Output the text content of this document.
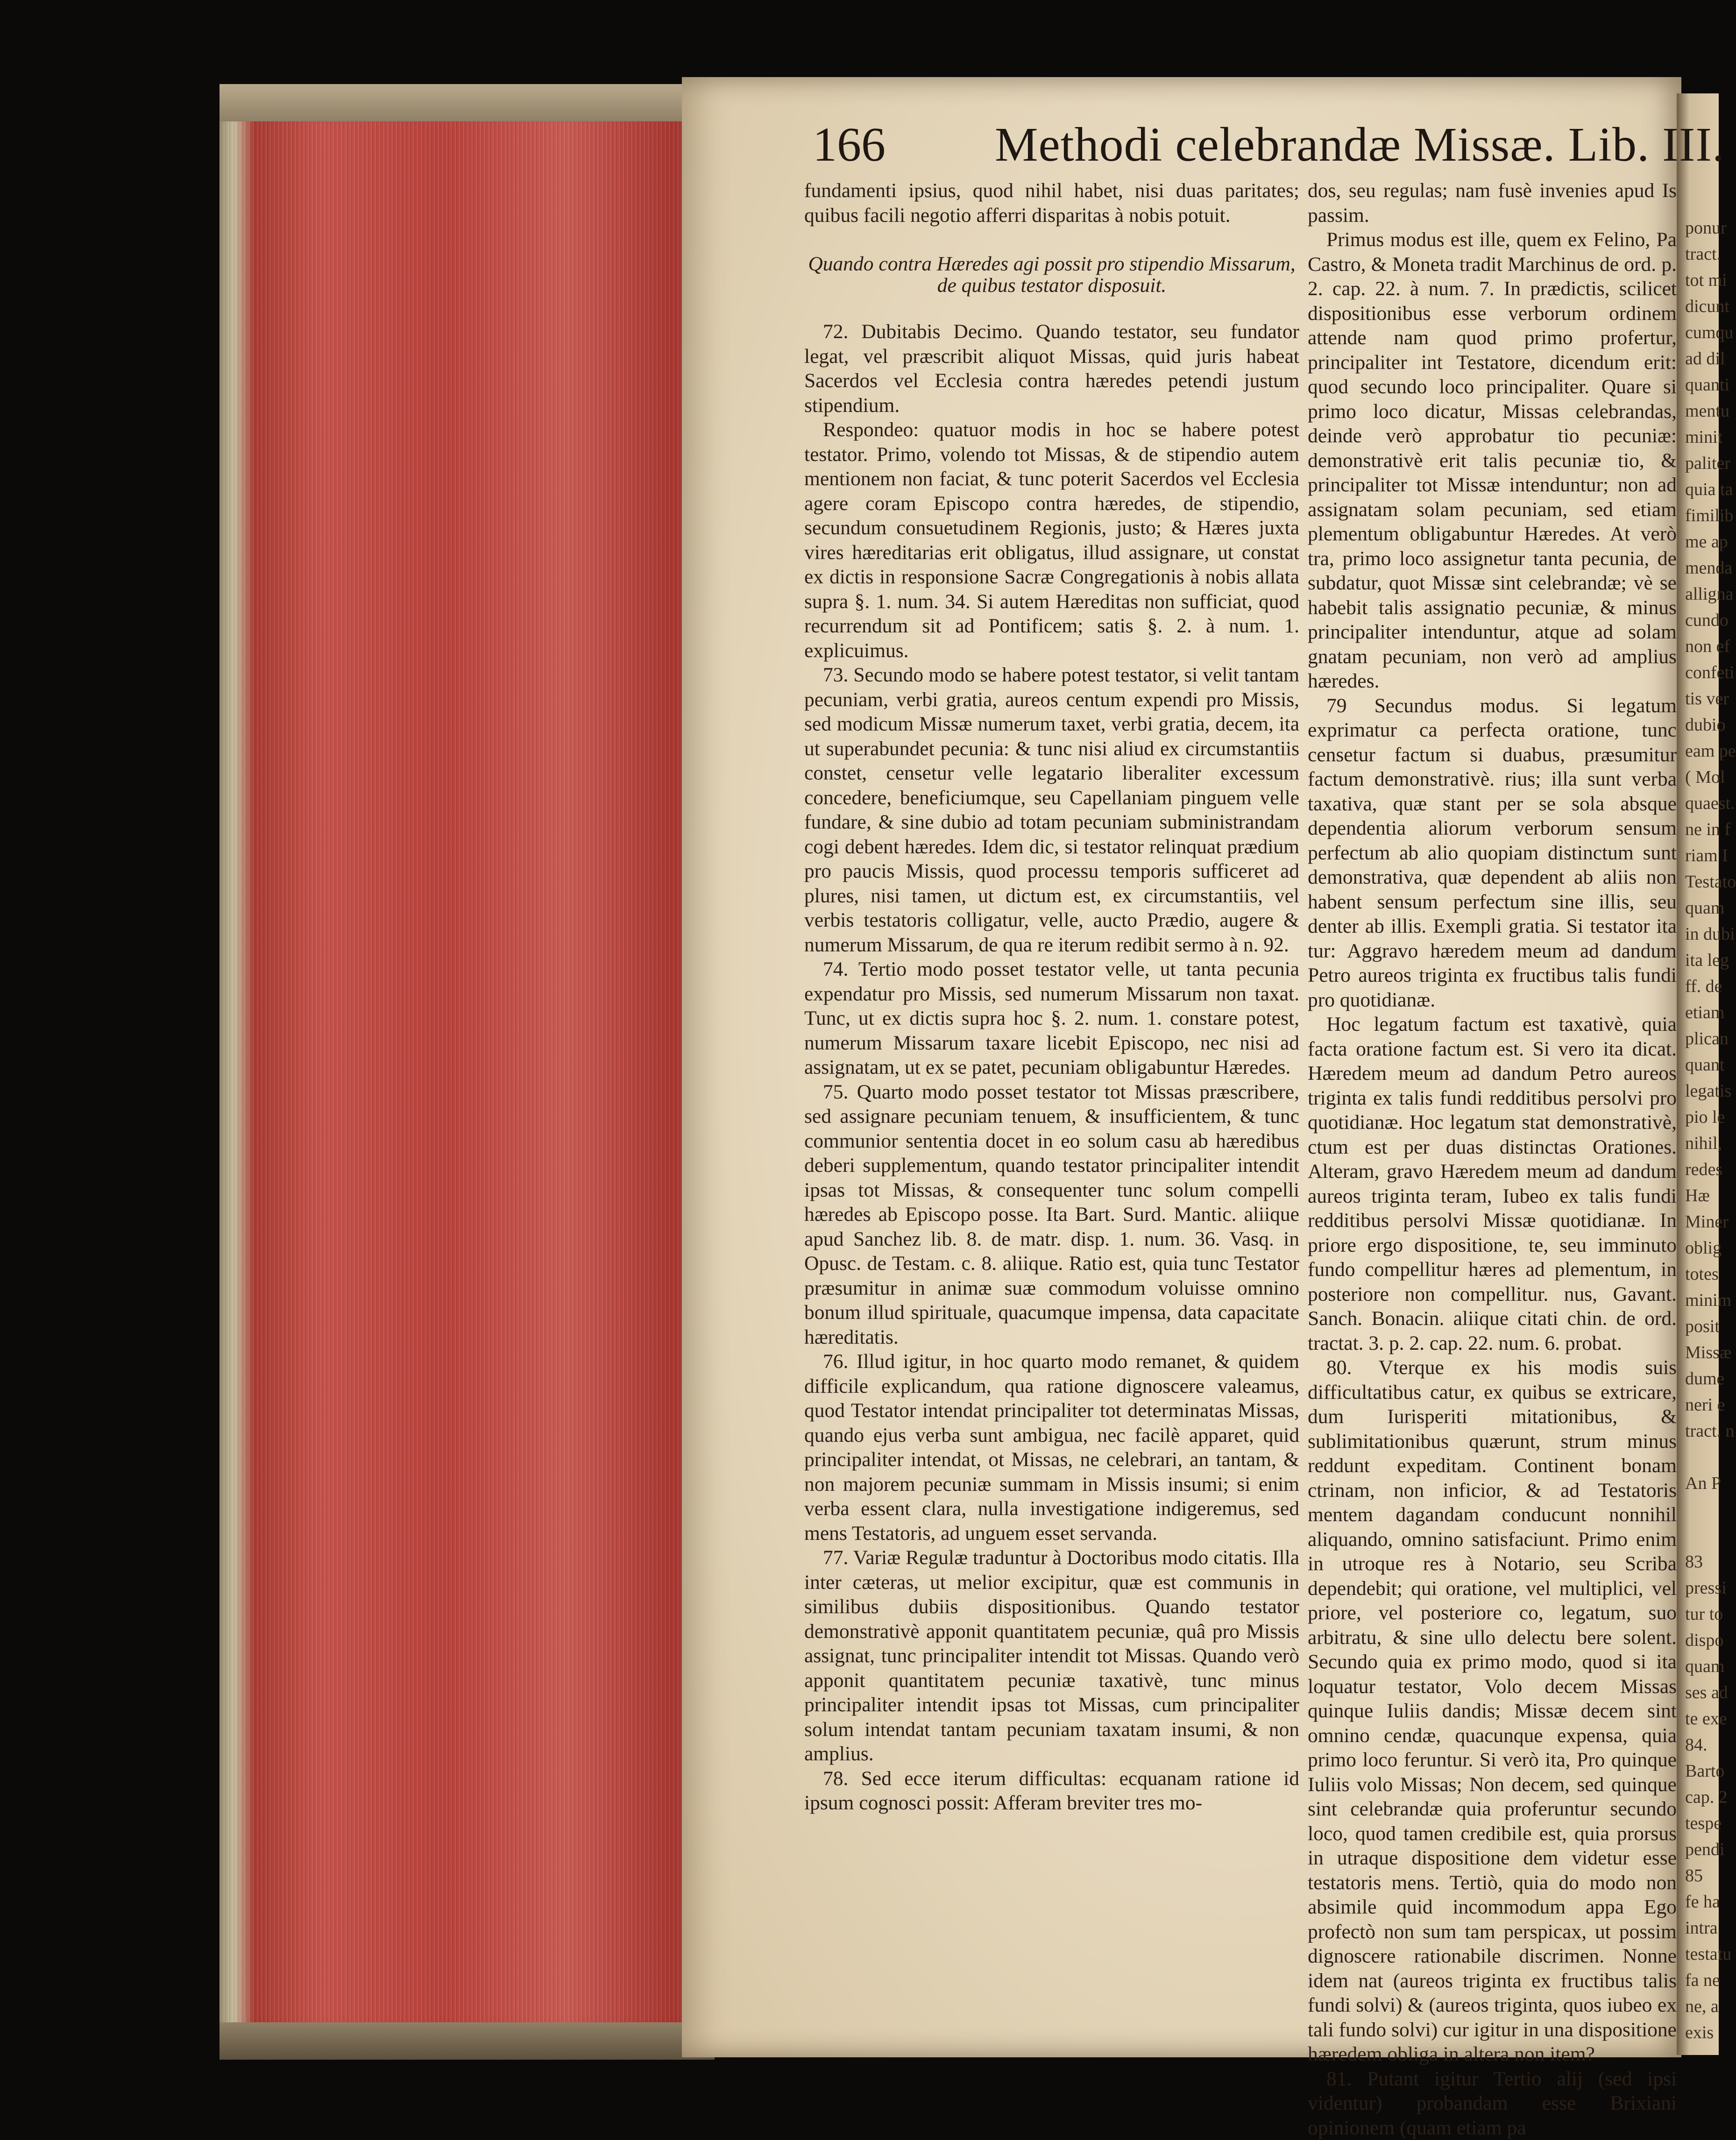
ponur
tract.
tot mi
dicunt
cumqu
ad dil
quanti
mentu
minit
paliter
quia ta
fimilib
me ap
menda
alligna
cundo
non ef
confeti
tis ver
dubio
eam pe
( Mol
quaest.
ne in f
riam I
Testato
quam
in dubi
ita leg
ff. de
etiam
plican
quant
legatis
pio le
nihil,
redes
Hæ
Miner
oblig
totes
minim
posit
Missæ
dume
neri e
tract. n

An P

83
pressi
tur to
dispo
quam
ses ad
te exe
84.
Barto
cap. 2
tespe
pendi
85
fe ha
intra
testatu
fa ne
ne, a
exis
166 Methodi celebrandæ Missæ. Lib. III.

fundamenti ipsius, quod nihil habet, nisi duas paritates; quibus facili negotio afferri disparitas à nobis potuit.

Quando contra Hæredes agi possit pro stipendio Missarum, de quibus testator disposuit.

72. Dubitabis Decimo. Quando testator, seu fundator legat, vel præscribit aliquot Missas, quid juris habeat Sacerdos vel Ecclesia contra hæredes petendi justum stipendium.

Respondeo: quatuor modis in hoc se habere potest testator. Primo, volendo tot Missas, & de stipendio autem mentionem non faciat, & tunc poterit Sacerdos vel Ecclesia agere coram Episcopo contra hæredes, de stipendio, secundum consuetudinem Regionis, justo; & Hæres juxta vires hæreditarias erit obligatus, illud assignare, ut constat ex dictis in responsione Sacræ Congregationis à nobis allata supra §. 1. num. 34. Si autem Hæreditas non sufficiat, quod recurrendum sit ad Pontificem; satis §. 2. à num. 1. explicuimus.

73. Secundo modo se habere potest testator, si velit tantam pecuniam, verbi gratia, aureos centum expendi pro Missis, sed modicum Missæ numerum taxet, verbi gratia, decem, ita ut superabundet pecunia: & tunc nisi aliud ex circumstantiis constet, censetur velle legatario liberaliter excessum concedere, beneficiumque, seu Capellaniam pinguem velle fundare, & sine dubio ad totam pecuniam subministrandam cogi debent hæredes. Idem dic, si testator relinquat prædium pro paucis Missis, quod processu temporis sufficeret ad plures, nisi tamen, ut dictum est, ex circumstantiis, vel verbis testatoris colligatur, velle, aucto Prædio, augere & numerum Missarum, de qua re iterum redibit sermo à n. 92.

74. Tertio modo posset testator velle, ut tanta pecunia expendatur pro Missis, sed numerum Missarum non taxat. Tunc, ut ex dictis supra hoc §. 2. num. 1. constare potest, numerum Missarum taxare licebit Episcopo, nec nisi ad assignatam, ut ex se patet, pecuniam obligabuntur Hæredes.

75. Quarto modo posset testator tot Missas præscribere, sed assignare pecuniam tenuem, & insufficientem, & tunc communior sententia docet in eo solum casu ab hæredibus deberi supplementum, quando testator principaliter intendit ipsas tot Missas, & consequenter tunc solum compelli hæredes ab Episcopo posse. Ita Bart. Surd. Mantic. aliique apud Sanchez lib. 8. de matr. disp. 1. num. 36. Vasq. in Opusc. de Testam. c. 8. aliique. Ratio est, quia tunc Testator præsumitur in animæ suæ commodum voluisse omnino bonum illud spirituale, quacumque impensa, data capacitate hæreditatis.

76. Illud igitur, in hoc quarto modo remanet, & quidem difficile explicandum, qua ratione dignoscere valeamus, quod Testator intendat principaliter tot determinatas Missas, quando ejus verba sunt ambigua, nec facilè apparet, quid principaliter intendat, ot Missas, ne celebrari, an tantam, & non majorem pecuniæ summam in Missis insumi; si enim verba essent clara, nulla investigatione indigeremus, sed mens Testatoris, ad unguem esset servanda.

77. Variæ Regulæ traduntur à Doctoribus modo citatis. Illa inter cæteras, ut melior excipitur, quæ est communis in similibus dubiis dispositionibus. Quando testator demonstrativè apponit quantitatem pecuniæ, quâ pro Missis assignat, tunc principaliter intendit tot Missas. Quando verò apponit quantitatem pecuniæ taxativè, tunc minus principaliter intendit ipsas tot Missas, cum principaliter solum intendat tantam pecuniam taxatam insumi, & non amplius.

78. Sed ecce iterum difficultas: ecquanam ratione id ipsum cognosci possit: Afferam breviter tres mo-

dos, seu regulas; nam fusè invenies apud Is passim.

Primus modus est ille, quem ex Felino, Pa Castro, & Moneta tradit Marchinus de ord. p. 2. cap. 22. à num. 7. In prædictis, scilicet dispositionibus esse verborum ordinem attende nam quod primo profertur, principaliter int Testatore, dicendum erit: quod secundo loco principaliter. Quare si primo loco dicatur, Missas celebrandas, deinde verò approbatur tio pecuniæ: demonstrativè erit talis pecuniæ tio, & principaliter tot Missæ intenduntur; non ad assignatam solam pecuniam, sed etiam plementum obligabuntur Hæredes. At verò tra, primo loco assignetur tanta pecunia, de subdatur, quot Missæ sint celebrandæ; vè se habebit talis assignatio pecuniæ, & minus principaliter intenduntur, atque ad solam gnatam pecuniam, non verò ad amplius hæredes.

79 Secundus modus. Si legatum exprimatur ca perfecta oratione, tunc censetur factum si duabus, præsumitur factum demonstrativè. rius; illa sunt verba taxativa, quæ stant per se sola absque dependentia aliorum verborum sensum perfectum ab alio quopiam distinctum sunt demonstrativa, quæ dependent ab aliis non habent sensum perfectum sine illis, seu denter ab illis. Exempli gratia. Si testator ita tur: Aggravo hæredem meum ad dandum Petro aureos triginta ex fructibus talis fundi pro quotidianæ.

Hoc legatum factum est taxativè, quia facta oratione factum est. Si vero ita dicat. Hæredem meum ad dandum Petro aureos triginta ex talis fundi redditibus persolvi pro quotidianæ. Hoc legatum stat demonstrativè, ctum est per duas distinctas Orationes. Alteram, gravo Hæredem meum ad dandum aureos triginta teram, Iubeo ex talis fundi redditibus persolvi Missæ quotidianæ. In priore ergo dispositione, te, seu imminuto fundo compellitur hæres ad plementum, in posteriore non compellitur. nus, Gavant. Sanch. Bonacin. aliique citati chin. de ord. tractat. 3. p. 2. cap. 22. num. 6. probat.

80. Vterque ex his modis suis difficultatibus catur, ex quibus se extricare, dum Iurisperiti mitationibus, & sublimitationibus quærunt, strum minus reddunt expeditam. Continent bonam ctrinam, non inficior, & ad Testatoris mentem dagandam conducunt nonnihil aliquando, omnino satisfaciunt. Primo enim in utroque res à Notario, seu Scriba dependebit; qui oratione, vel multiplici, vel priore, vel posteriore co, legatum, suo arbitratu, & sine ullo delectu bere solent. Secundo quia ex primo modo, quod si ita loquatur testator, Volo decem Missas quinque Iuliis dandis; Missæ decem sint omnino cendæ, quacunque expensa, quia primo loco feruntur. Si verò ita, Pro quinque Iuliis volo Missas; Non decem, sed quinque sint celebrandæ quia proferuntur secundo loco, quod tamen credibile est, quia prorsus in utraque dispositione dem videtur esse testatoris mens. Tertiò, quia do modo non absimile quid incommodum appa Ego profectò non sum tam perspicax, ut possim dignoscere rationabile discrimen. Nonne idem nat (aureos triginta ex fructibus talis fundi solvi) & (aureos triginta, quos iubeo ex tali fundo solvi) cur igitur in una dispositione hæredem obliga in altera non item?

81. Putant igitur Tertio alij (sed ipsi videntur) probandam esse Brixiani opinionem (quam etiam pa
